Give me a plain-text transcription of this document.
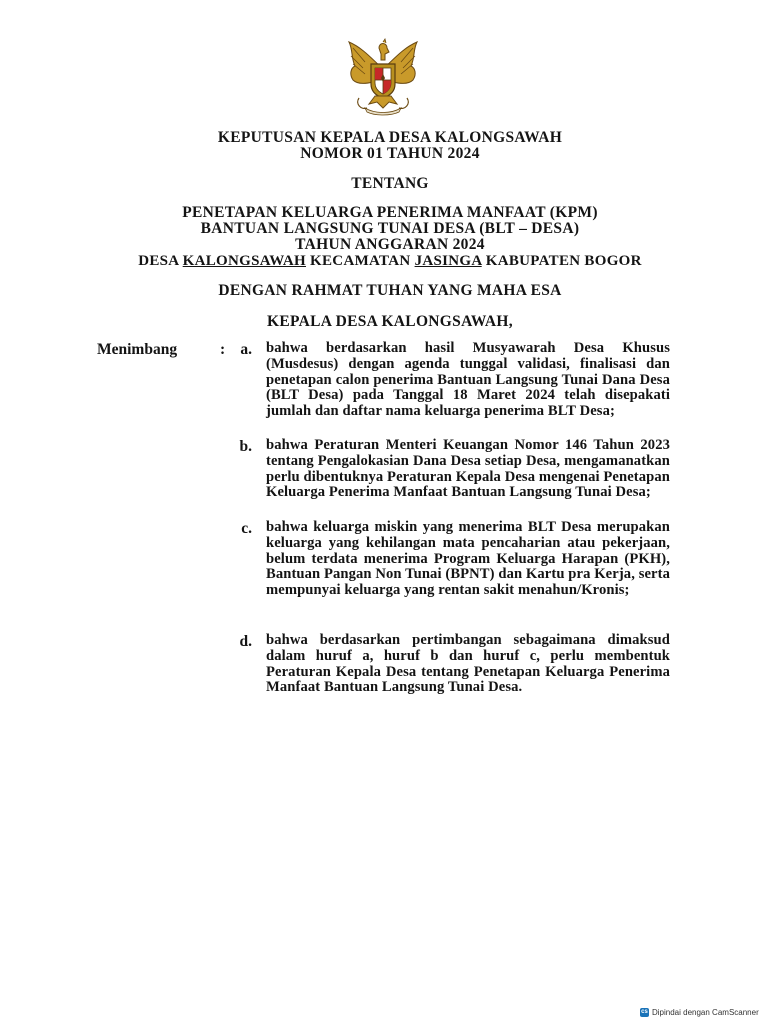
KEPUTUSAN KEPALA DESA KALONGSAWAH
NOMOR 01 TAHUN 2024
TENTANG
PENETAPAN KELUARGA PENERIMA MANFAAT (KPM)
BANTUAN LANGSUNG TUNAI DESA (BLT – DESA)
TAHUN ANGGARAN 2024
DESA KALONGSAWAH KECAMATAN JASINGA KABUPATEN BOGOR
DENGAN RAHMAT TUHAN YANG MAHA ESA
KEPALA DESA KALONGSAWAH,
Menimbang	: a. bahwa berdasarkan hasil Musyawarah Desa Khusus (Musdesus) dengan agenda tunggal validasi, finalisasi dan penetapan calon penerima Bantuan Langsung Tunai Dana Desa (BLT Desa) pada Tanggal 18 Maret 2024 telah disepakati jumlah dan daftar nama keluarga penerima BLT Desa;
b. bahwa Peraturan Menteri Keuangan Nomor 146 Tahun 2023 tentang Pengalokasian Dana Desa setiap Desa, mengamanatkan perlu dibentuknya Peraturan Kepala Desa mengenai Penetapan Keluarga Penerima Manfaat Bantuan Langsung Tunai Desa;
c. bahwa keluarga miskin yang menerima BLT Desa merupakan keluarga yang kehilangan mata pencaharian atau pekerjaan, belum terdata menerima Program Keluarga Harapan (PKH), Bantuan Pangan Non Tunai (BPNT) dan Kartu pra Kerja, serta mempunyai keluarga yang rentan sakit menahun/Kronis;
d. bahwa berdasarkan pertimbangan sebagaimana dimaksud dalam huruf a, huruf b dan huruf c, perlu membentuk Peraturan Kepala Desa tentang Penetapan Keluarga Penerima Manfaat Bantuan Langsung Tunai Desa.
cs Dipindai dengan CamScanner
